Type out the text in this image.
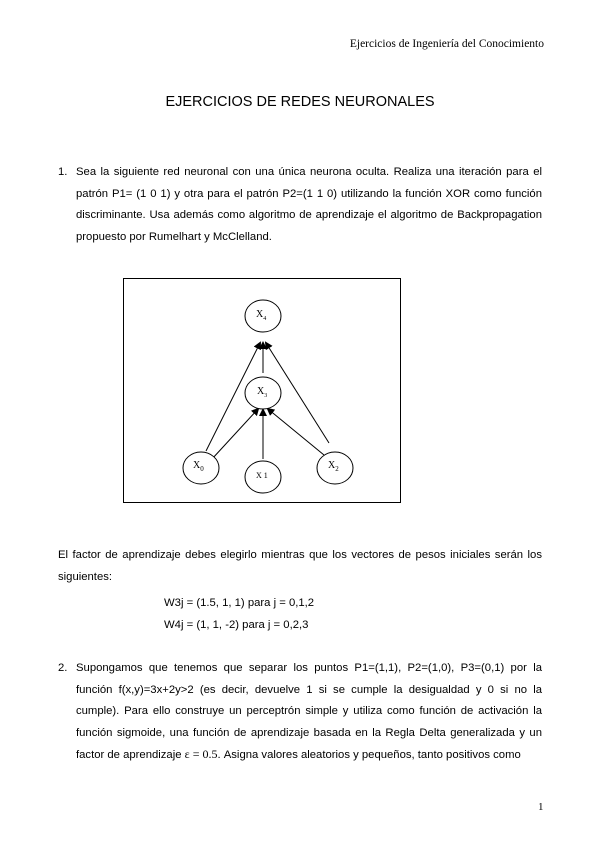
Ejercicios de Ingeniería del Conocimiento
EJERCICIOS DE REDES NEURONALES
1. Sea la siguiente red neuronal con una única neurona oculta. Realiza una iteración para el patrón P1= (1 0 1) y otra para el patrón P2=(1 1 0) utilizando la función XOR como función discriminante. Usa además como algoritmo de aprendizaje el algoritmo de Backpropagation propuesto por Rumelhart y McClelland.
$X_4$
$X_3$
$X_0$
X 1
$X_2$
El factor de aprendizaje debes elegirlo mientras que los vectores de pesos iniciales serán los siguientes:
W3j = (1.5, 1, 1) para j = 0,1,2
W4j = (1, 1, -2) para j = 0,2,3
2. Supongamos que tenemos que separar los puntos P1=(1,1), P2=(1,0), P3=(0,1) por la función f(x,y)=3x+2y>2 (es decir, devuelve 1 si se cumple la desigualdad y 0 si no la cumple). Para ello construye un perceptrón simple y utiliza como función de activación la función sigmoide, una función de aprendizaje basada en la Regla Delta generalizada y un factor de aprendizaje ε = 0.5. Asigna valores aleatorios y pequeños, tanto positivos como
1
